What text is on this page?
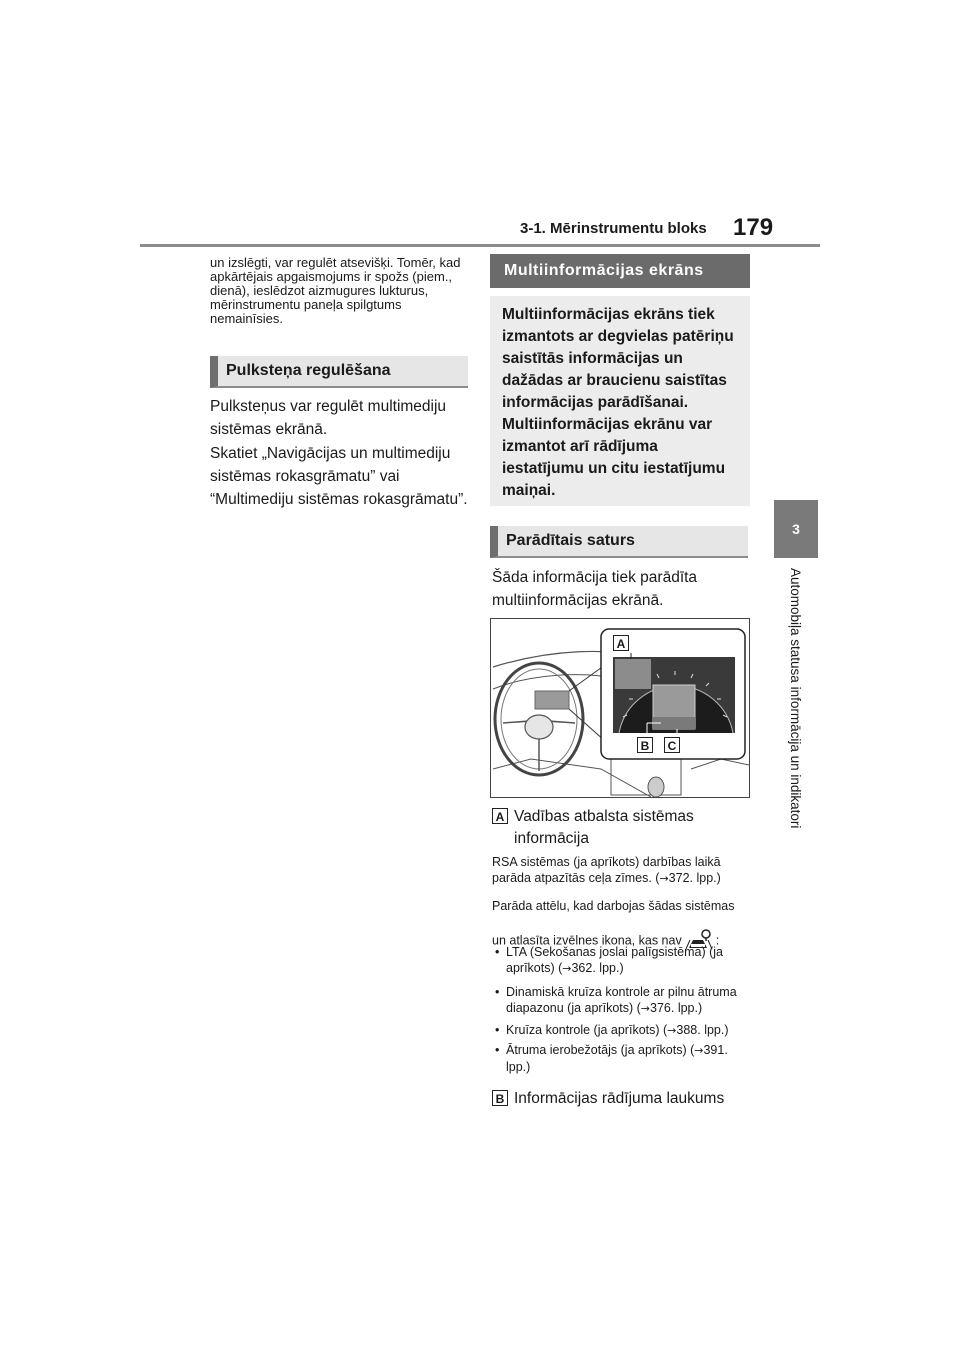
3-1. Mērinstrumentu bloks 179
3
Automobiļa statusa informācija un indikatori
un izslēgti, var regulēt atsevišķi. Tomēr, kad apkārtējais apgaismojums ir spožs (piem., dienā), ieslēdzot aizmugures lukturus, mērinstrumentu paneļa spilgtums nemainīsies.
Pulksteņa regulēšana
Pulksteņus var regulēt multimediju sistēmas ekrānā.
Skatiet „Navigācijas un multimediju sistēmas rokasgrāmatu” vai “Multimediju sistēmas rokasgrāmatu”.
Multiinformācijas ekrāns
Multiinformācijas ekrāns tiek izmantots ar degvielas patēriņu saistītās informācijas un dažādas ar braucienu saistītas informācijas parādīšanai. Multiinformācijas ekrānu var izmantot arī rādījuma iestatījumu un citu iestatījumu maiņai.
Parādītais saturs
Šāda informācija tiek parādīta multiinformācijas ekrānā.
A
B	C
A Vadības atbalsta sistēmas informācija
RSA sistēmas (ja aprīkots) darbības laikā parāda atpazītās ceļa zīmes. (→372. lpp.)
Parāda attēlu, kad darbojas šādas sistēmas
un atlasīta izvēlnes ikona, kas nav	:
• LTA (Sekošanas joslai palīgsistēma) (ja aprīkots) (→362. lpp.)
• Dinamiskā kruīza kontrole ar pilnu ātruma diapazonu (ja aprīkots) (→376. lpp.)
• Kruīza kontrole (ja aprīkots) (→388. lpp.)
• Ātruma ierobežotājs (ja aprīkots) (→391. lpp.)
B Informācijas rādījuma laukums
